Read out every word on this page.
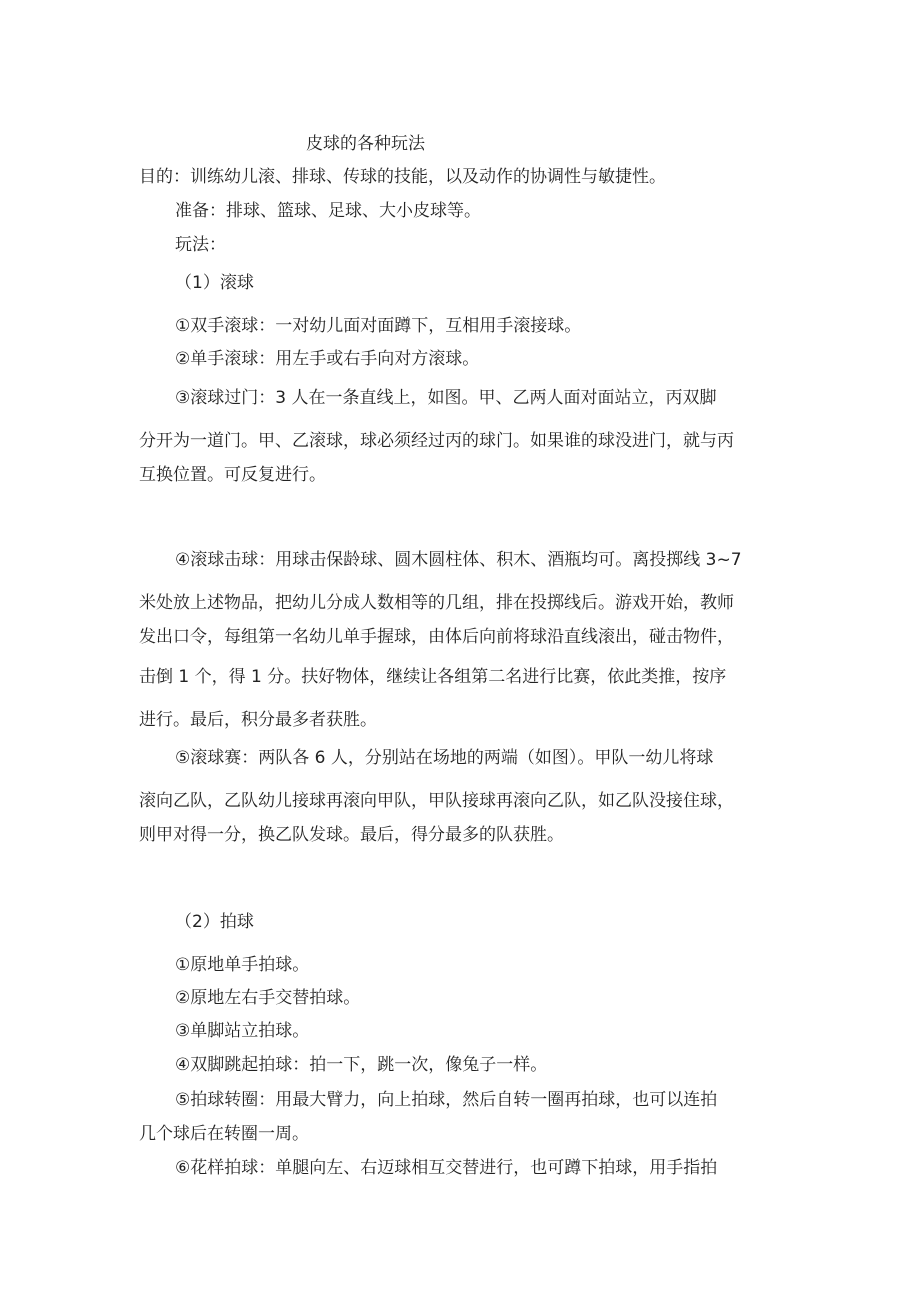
皮球的各种玩法
目的：训练幼儿滚、排球、传球的技能，以及动作的协调性与敏捷性。
准备：排球、篮球、足球、大小皮球等。
玩法：
（1）滚球
①双手滚球：一对幼儿面对面蹲下，互相用手滚接球。
②单手滚球：用左手或右手向对方滚球。
③滚球过门：3 人在一条直线上，如图。甲、乙两人面对面站立，丙双脚
分开为一道门。甲、乙滚球，球必须经过丙的球门。如果谁的球没进门，就与丙
互换位置。可反复进行。
④滚球击球：用球击保龄球、圆木圆柱体、积木、酒瓶均可。离投掷线 3~7
米处放上述物品，把幼儿分成人数相等的几组，排在投掷线后。游戏开始，教师
发出口令，每组第一名幼儿单手握球，由体后向前将球沿直线滚出，碰击物件，
击倒 1 个，得 1 分。扶好物体，继续让各组第二名进行比赛，依此类推，按序
进行。最后，积分最多者获胜。
⑤滚球赛：两队各 6 人，分别站在场地的两端（如图）。甲队一幼儿将球
滚向乙队，乙队幼儿接球再滚向甲队，甲队接球再滚向乙队，如乙队没接住球，
则甲对得一分，换乙队发球。最后，得分最多的队获胜。
（2）拍球
①原地单手拍球。
②原地左右手交替拍球。
③单脚站立拍球。
④双脚跳起拍球：拍一下，跳一次，像兔子一样。
⑤拍球转圈：用最大臂力，向上拍球，然后自转一圈再拍球，也可以连拍
几个球后在转圈一周。
⑥花样拍球：单腿向左、右迈球相互交替进行，也可蹲下拍球，用手指拍
